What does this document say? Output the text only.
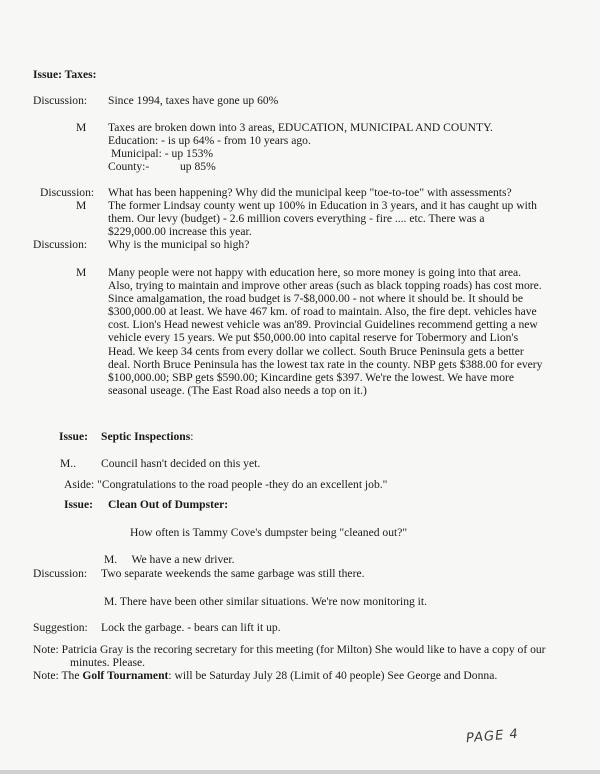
Issue: Taxes:
Discussion: Since 1994, taxes have gone up 60%
M Taxes are broken down into 3 areas, EDUCATION, MUNICIPAL AND COUNTY.
Education: - is up 64% - from 10 years ago.
Municipal: - up 153%
County:-	up 85%
Discussion: What has been happening? Why did the municipal keep "toe-to-toe" with assessments?
M The former Lindsay county went up 100% in Education in 3 years, and it has caught up with
them. Our levy (budget) - 2.6 million covers everything - fire .... etc. There was a
$229,000.00 increase this year.
Discussion: Why is the municipal so high?
M Many people were not happy with education here, so more money is going into that area.
Also, trying to maintain and improve other areas (such as black topping roads) has cost more.
Since amalgamation, the road budget is 7-$8,000.00 - not where it should be. It should be
$300,000.00 at least. We have 467 km. of road to maintain. Also, the fire dept. vehicles have
cost. Lion's Head newest vehicle was an'89. Provincial Guidelines recommend getting a new
vehicle every 15 years. We put $50,000.00 into capital reserve for Tobermory and Lion's
Head. We keep 34 cents from every dollar we collect. South Bruce Peninsula gets a better
deal. North Bruce Peninsula has the lowest tax rate in the county. NBP gets $388.00 for every
$100,000.00; SBP gets $590.00; Kincardine gets $397. We're the lowest. We have more
seasonal useage. (The East Road also needs a top on it.)
Issue: Septic Inspections:
M.. Council hasn't decided on this yet.
Aside: "Congratulations to the road people -they do an excellent job."
Issue: Clean Out of Dumpster:
How often is Tammy Cove's dumpster being "cleaned out?"
M.     We have a new driver.
Discussion: Two separate weekends the same garbage was still there.
M. There have been other similar situations. We're now monitoring it.
Suggestion: Lock the garbage. - bears can lift it up.
Note: Patricia Gray is the recoring secretary for this meeting (for Milton) She would like to have a copy of our
minutes. Please.
Note: The Golf Tournament: will be Saturday July 28 (Limit of 40 people) See George and Donna.
PAGE 4
